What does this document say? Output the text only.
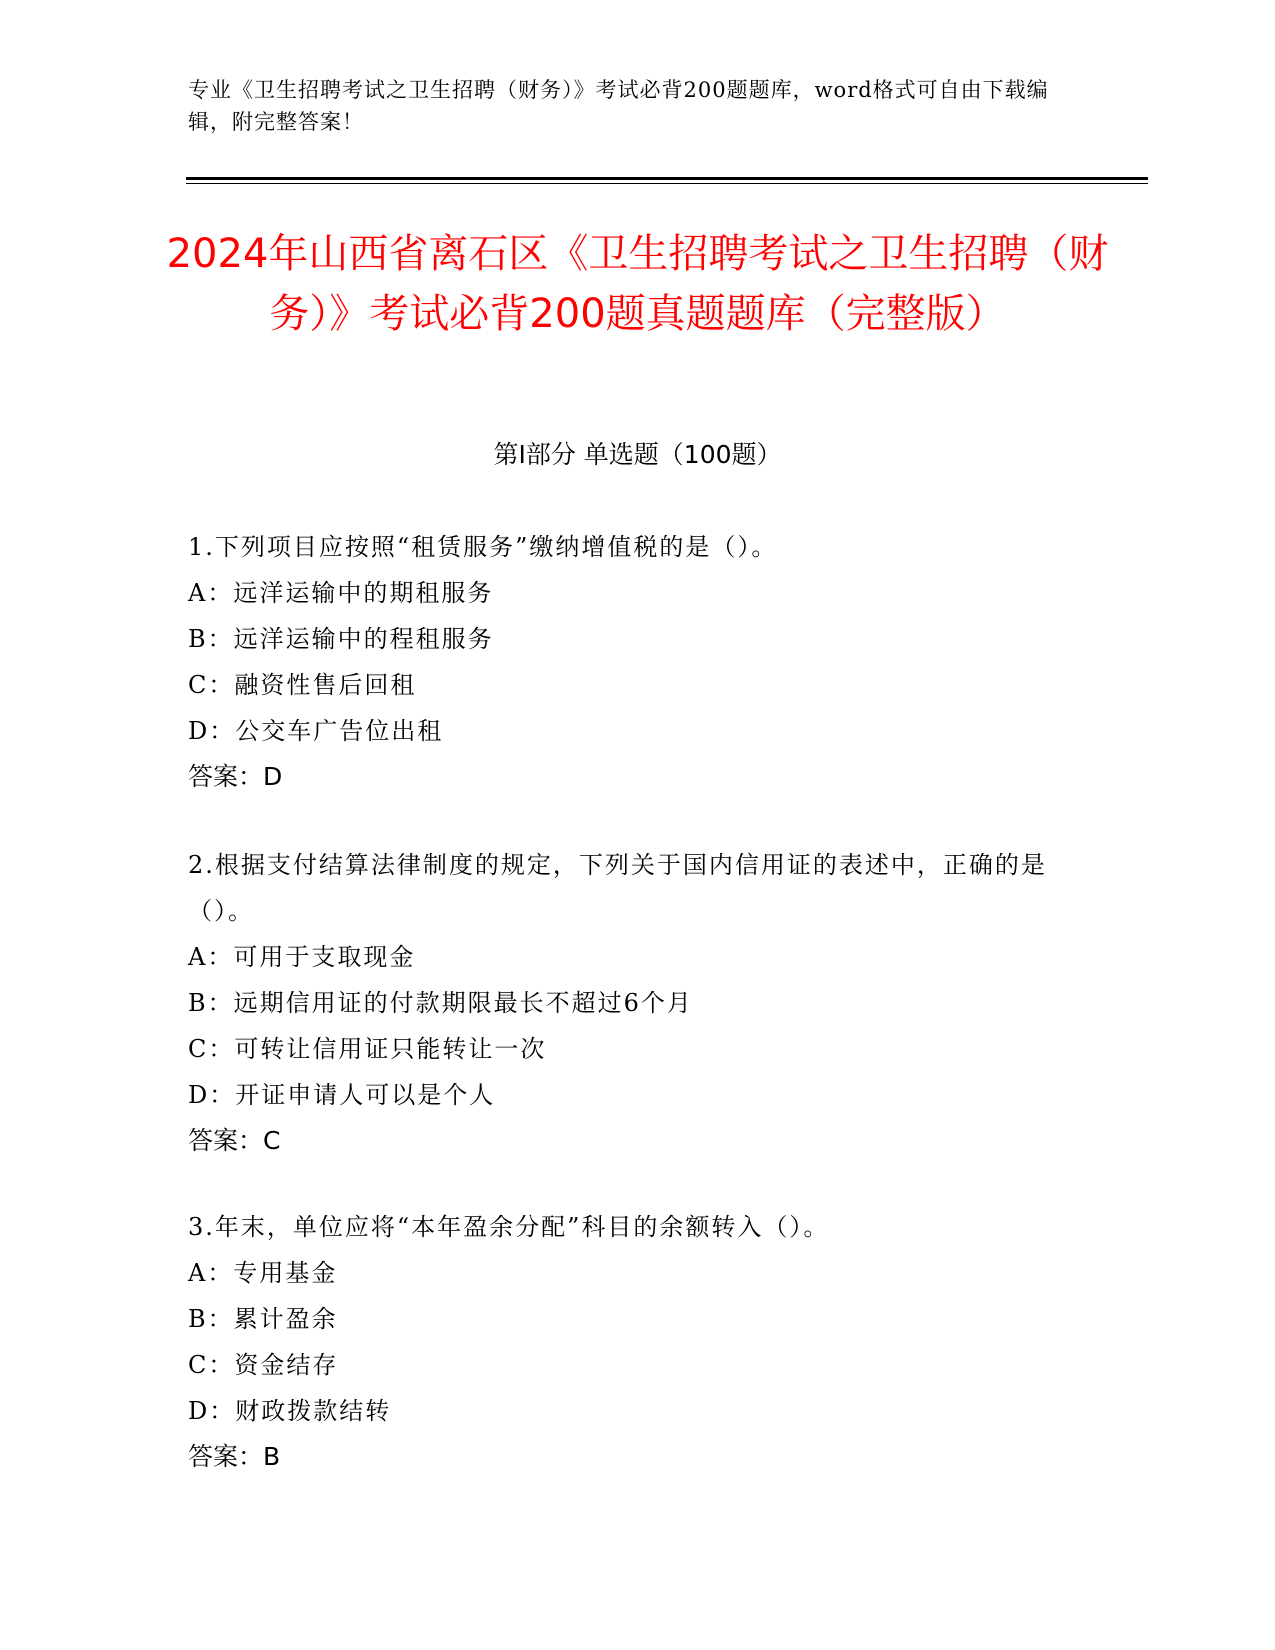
专业《卫生招聘考试之卫生招聘（财务）》考试必背200题题库，word格式可自由下载编辑，附完整答案！
2024年山西省离石区《卫生招聘考试之卫生招聘（财务）》考试必背200题真题题库（完整版）
第I部分 单选题（100题）

1.下列项目应按照“租赁服务”缴纳增值税的是（）。

A：远洋运输中的期租服务

B：远洋运输中的程租服务

C：融资性售后回租

D：公交车广告位出租

答案：D

2.根据支付结算法律制度的规定，下列关于国内信用证的表述中，正确的是（）。

A：可用于支取现金

B：远期信用证的付款期限最长不超过6个月

C：可转让信用证只能转让一次

D：开证申请人可以是个人

答案：C

3.年末，单位应将“本年盈余分配”科目的余额转入（）。

A：专用基金

B：累计盈余

C：资金结存

D：财政拨款结转

答案：B
